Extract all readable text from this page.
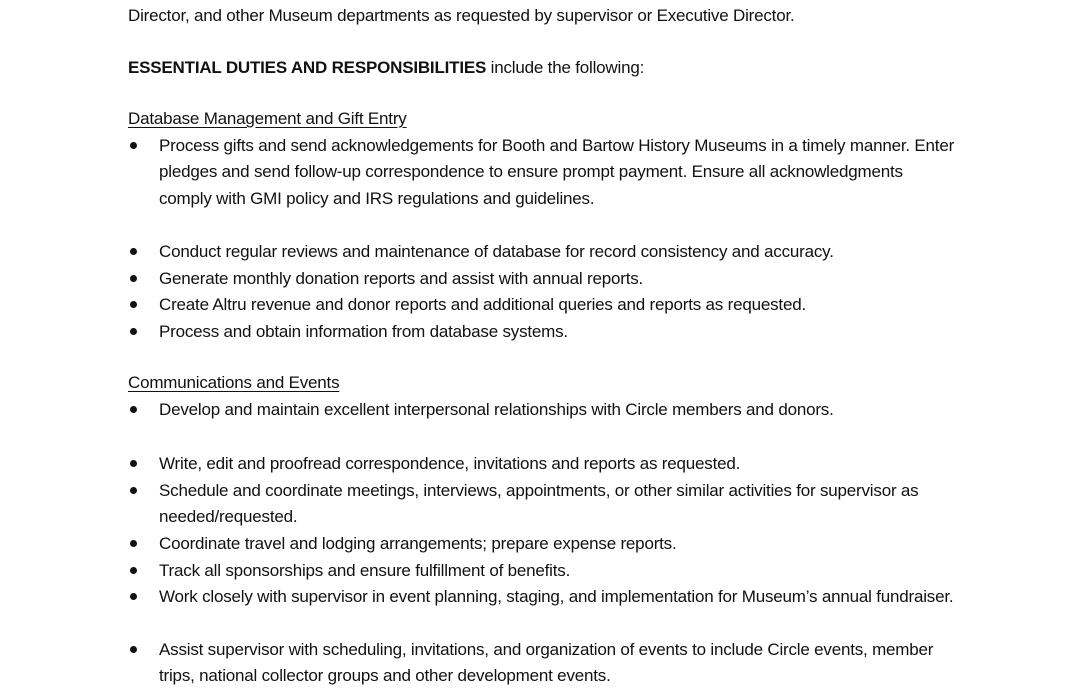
Director, and other Museum departments as requested by supervisor or Executive Director.
ESSENTIAL DUTIES AND RESPONSIBILITIES include the following:
Database Management and Gift Entry
Process gifts and send acknowledgements for Booth and Bartow History Museums in a timely manner. Enter pledges and send follow-up correspondence to ensure prompt payment. Ensure all acknowledgments comply with GMI policy and IRS regulations and guidelines.
Conduct regular reviews and maintenance of database for record consistency and accuracy.
Generate monthly donation reports and assist with annual reports.
Create Altru revenue and donor reports and additional queries and reports as requested.
Process and obtain information from database systems.
Communications and Events
Develop and maintain excellent interpersonal relationships with Circle members and donors.
Write, edit and proofread correspondence, invitations and reports as requested.
Schedule and coordinate meetings, interviews, appointments, or other similar activities for supervisor as needed/requested.
Coordinate travel and lodging arrangements; prepare expense reports.
Track all sponsorships and ensure fulfillment of benefits.
Work closely with supervisor in event planning, staging, and implementation for Museum’s annual fundraiser.
Assist supervisor with scheduling, invitations, and organization of events to include Circle events, member trips, national collector groups and other development events.
